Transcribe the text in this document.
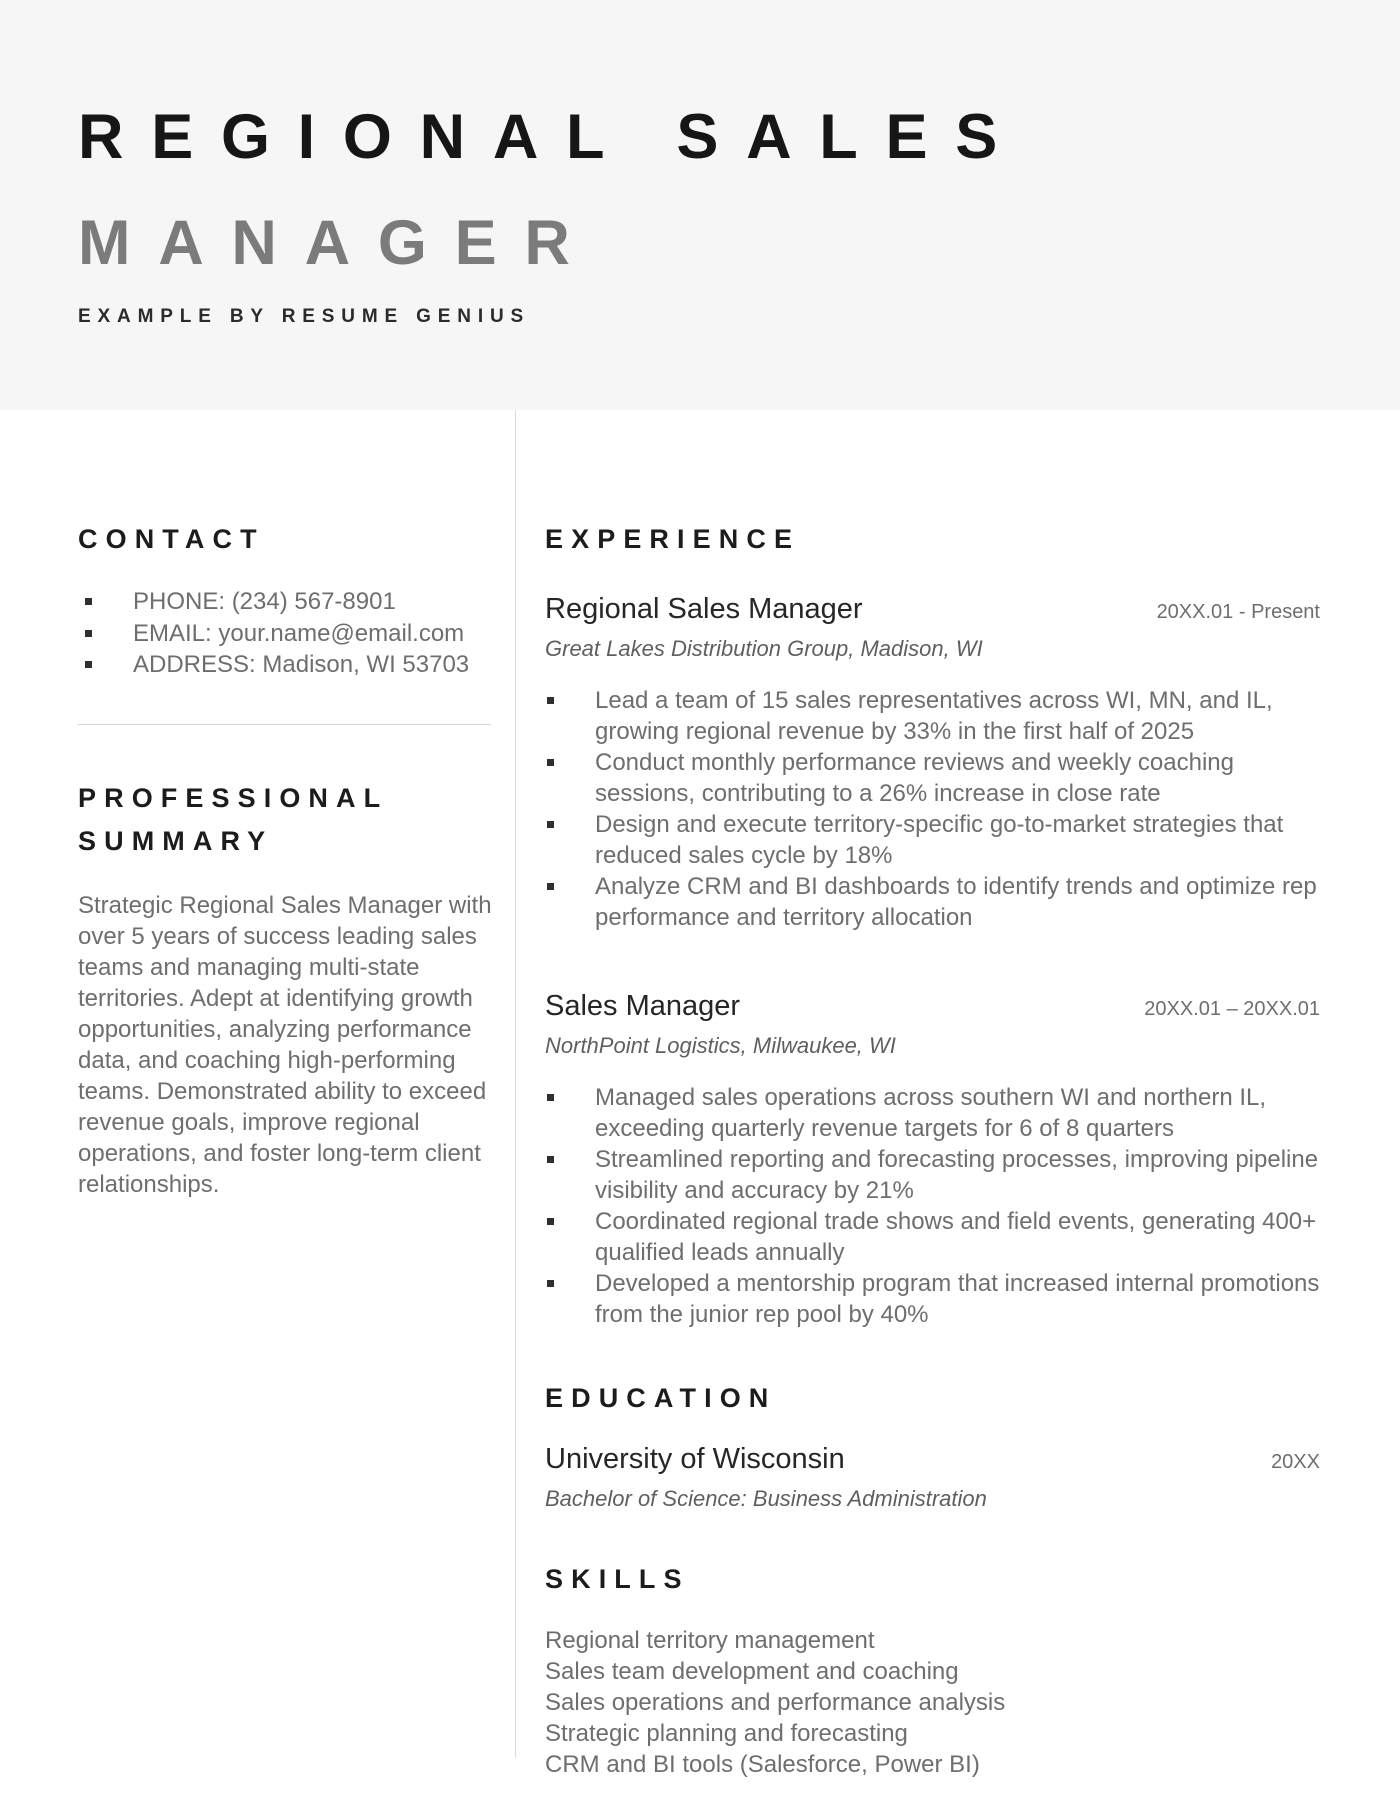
REGIONAL SALES
MANAGER
EXAMPLE BY RESUME GENIUS
CONTACT
PHONE: (234) 567-8901
EMAIL: your.name@email.com
ADDRESS: Madison, WI 53703
PROFESSIONAL SUMMARY

Strategic Regional Sales Manager with over 5 years of success leading sales teams and managing multi-state territories. Adept at identifying growth opportunities, analyzing performance data, and coaching high-performing teams. Demonstrated ability to exceed revenue goals, improve regional operations, and foster long-term client relationships.

EXPERIENCE
Regional Sales Manager	20XX.01 - Present
Great Lakes Distribution Group, Madison, WI
Lead a team of 15 sales representatives across WI, MN, and IL, growing regional revenue by 33% in the first half of 2025
Conduct monthly performance reviews and weekly coaching sessions, contributing to a 26% increase in close rate
Design and execute territory-specific go-to-market strategies that reduced sales cycle by 18%
Analyze CRM and BI dashboards to identify trends and optimize rep performance and territory allocation
Sales Manager	20XX.01 – 20XX.01
NorthPoint Logistics, Milwaukee, WI
Managed sales operations across southern WI and northern IL, exceeding quarterly revenue targets for 6 of 8 quarters
Streamlined reporting and forecasting processes, improving pipeline visibility and accuracy by 21%
Coordinated regional trade shows and field events, generating 400+ qualified leads annually
Developed a mentorship program that increased internal promotions from the junior rep pool by 40%
EDUCATION
University of Wisconsin	20XX
Bachelor of Science: Business Administration
SKILLS
Regional territory management
Sales team development and coaching
Sales operations and performance analysis
Strategic planning and forecasting
CRM and BI tools (Salesforce, Power BI)
